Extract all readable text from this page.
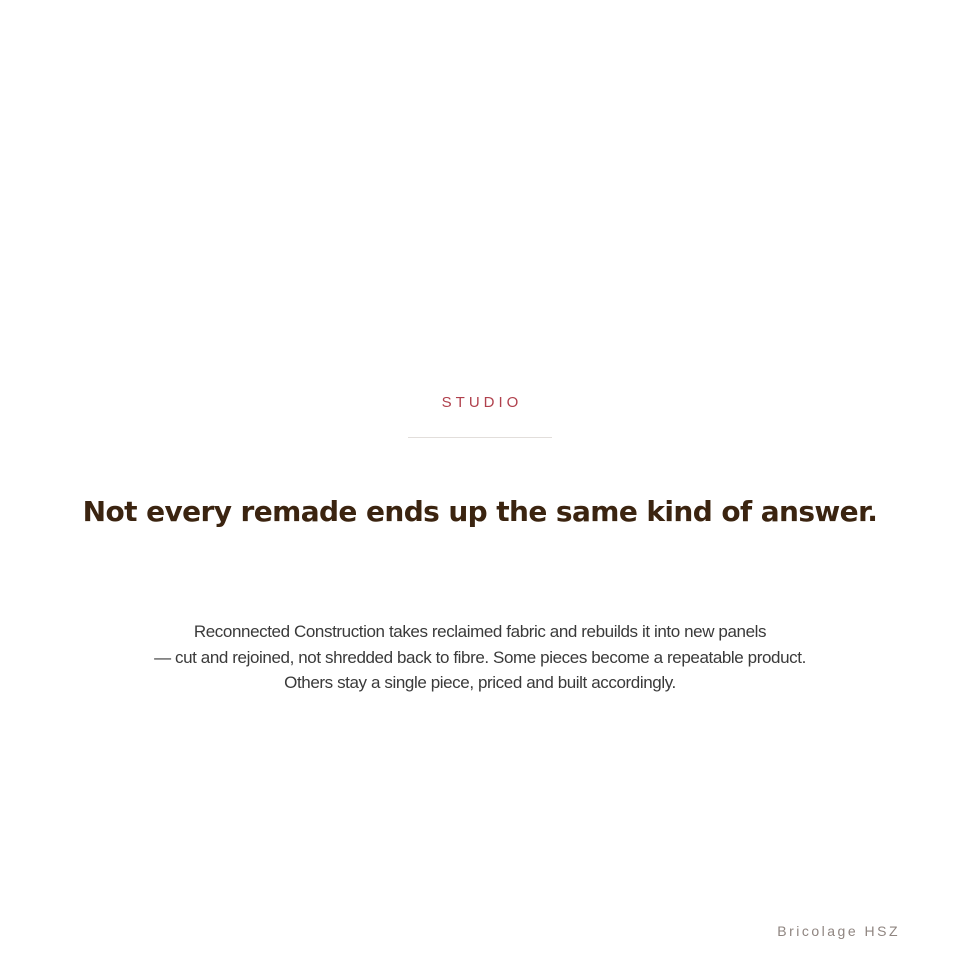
STUDIO
Not every remade ends up the same kind of answer.
Reconnected Construction takes reclaimed fabric and rebuilds it into new panels
— cut and rejoined, not shredded back to fibre. Some pieces become a repeatable product.
Others stay a single piece, priced and built accordingly.
Bricolage HSZ
